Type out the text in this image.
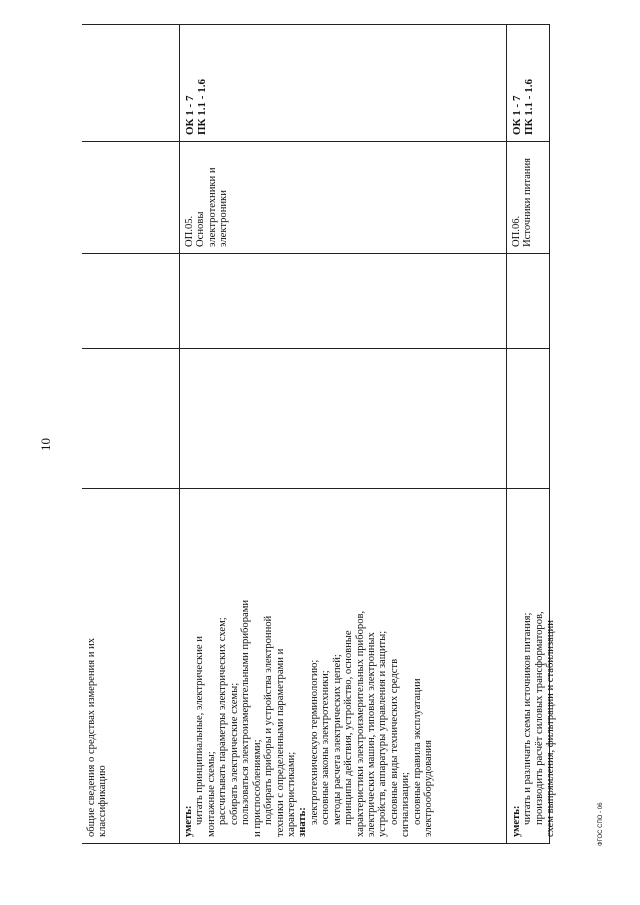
10

общие сведения о средствах измерения и их классификацию	уметь: читать принципиальные, электрические и монтажные схемы; рассчитывать параметры электрических схем; собирать электрические схемы; пользоваться электроизмерительными приборами и приспособлениями; подбирать приборы и устройства электронной техники с определенными параметрами и характеристиками; знать: электротехническую терминологию; основные законы электротехники; методы расчета электрических цепей; принципы действия, устройство, основные характеристики электроизмерительных приборов, электрических машин, типовых электронных устройств, аппаратуры управления и защиты; основные виды технических средств сигнализации; основные правила эксплуатации электрооборудования

ОП.05.
Основы
электротехники и
электроники

ОК 1 - 7
ПК 1.1 - 1.6

уметь: читать и различать схемы источников питания; производить расчёт силовых трансформаторов, схем выпрямления, фильтрации и стабилизации

ОП.06.
Источники питания

ОК 1 - 7
ПК 1.1 - 1.6

ФГОС СПО - 06
